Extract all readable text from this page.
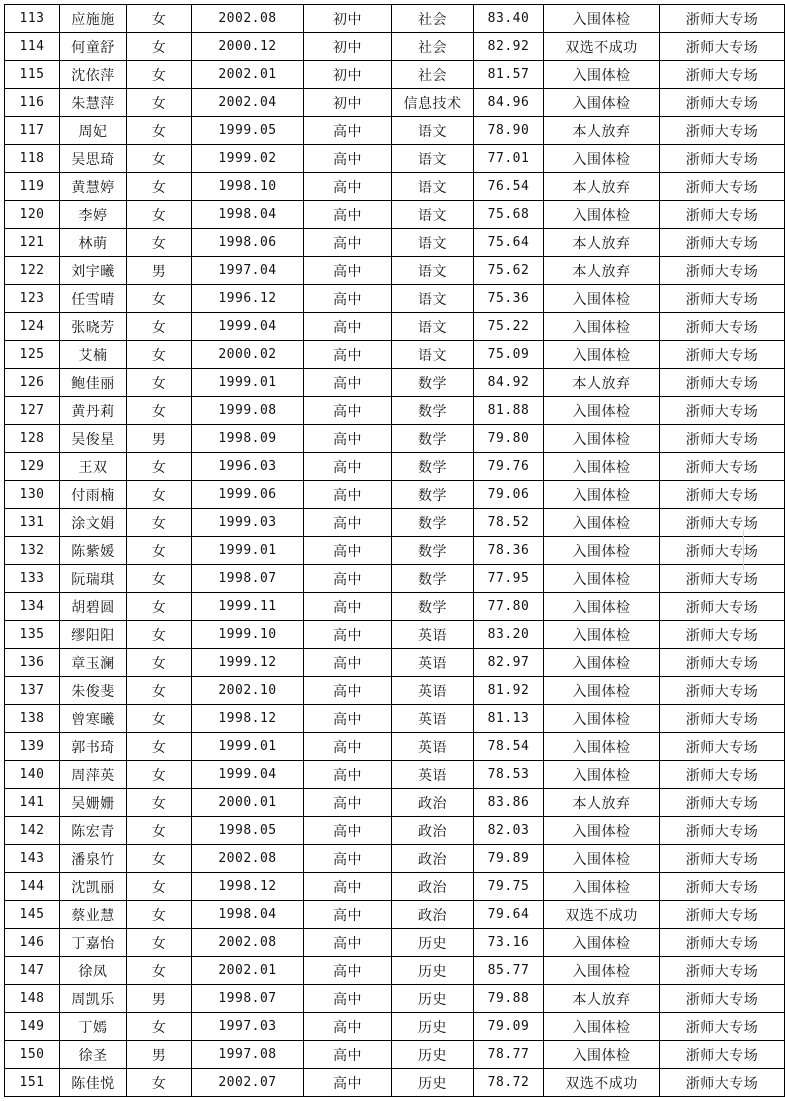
113	应施施	女	2002.08	初中	社会	83.40	入围体检	浙师大专场
114	何童舒	女	2000.12	初中	社会	82.92	双选不成功	浙师大专场
115	沈依萍	女	2002.01	初中	社会	81.57	入围体检	浙师大专场
116	朱慧萍	女	2002.04	初中	信息技术	84.96	入围体检	浙师大专场
117	周妃	女	1999.05	高中	语文	78.90	本人放弃	浙师大专场
118	吴思琦	女	1999.02	高中	语文	77.01	入围体检	浙师大专场
119	黄慧婷	女	1998.10	高中	语文	76.54	本人放弃	浙师大专场
120	李婷	女	1998.04	高中	语文	75.68	入围体检	浙师大专场
121	林萌	女	1998.06	高中	语文	75.64	本人放弃	浙师大专场
122	刘宇曦	男	1997.04	高中	语文	75.62	本人放弃	浙师大专场
123	任雪晴	女	1996.12	高中	语文	75.36	入围体检	浙师大专场
124	张晓芳	女	1999.04	高中	语文	75.22	入围体检	浙师大专场
125	艾楠	女	2000.02	高中	语文	75.09	入围体检	浙师大专场
126	鲍佳丽	女	1999.01	高中	数学	84.92	本人放弃	浙师大专场
127	黄丹莉	女	1999.08	高中	数学	81.88	入围体检	浙师大专场
128	吴俊星	男	1998.09	高中	数学	79.80	入围体检	浙师大专场
129	王双	女	1996.03	高中	数学	79.76	入围体检	浙师大专场
130	付雨楠	女	1999.06	高中	数学	79.06	入围体检	浙师大专场
131	涂文娟	女	1999.03	高中	数学	78.52	入围体检	浙师大专场
132	陈紫媛	女	1999.01	高中	数学	78.36	入围体检	浙师大专场
133	阮瑞琪	女	1998.07	高中	数学	77.95	入围体检	浙师大专场
134	胡碧圆	女	1999.11	高中	数学	77.80	入围体检	浙师大专场
135	缪阳阳	女	1999.10	高中	英语	83.20	入围体检	浙师大专场
136	章玉澜	女	1999.12	高中	英语	82.97	入围体检	浙师大专场
137	朱俊斐	女	2002.10	高中	英语	81.92	入围体检	浙师大专场
138	曾寒曦	女	1998.12	高中	英语	81.13	入围体检	浙师大专场
139	郭书琦	女	1999.01	高中	英语	78.54	入围体检	浙师大专场
140	周萍英	女	1999.04	高中	英语	78.53	入围体检	浙师大专场
141	吴姗姗	女	2000.01	高中	政治	83.86	本人放弃	浙师大专场
142	陈宏青	女	1998.05	高中	政治	82.03	入围体检	浙师大专场
143	潘泉竹	女	2002.08	高中	政治	79.89	入围体检	浙师大专场
144	沈凯丽	女	1998.12	高中	政治	79.75	入围体检	浙师大专场
145	蔡业慧	女	1998.04	高中	政治	79.64	双选不成功	浙师大专场
146	丁嘉怡	女	2002.08	高中	历史	73.16	入围体检	浙师大专场
147	徐凤	女	2002.01	高中	历史	85.77	入围体检	浙师大专场
148	周凯乐	男	1998.07	高中	历史	79.88	本人放弃	浙师大专场
149	丁嫣	女	1997.03	高中	历史	79.09	入围体检	浙师大专场
150	徐圣	男	1997.08	高中	历史	78.77	入围体检	浙师大专场
151	陈佳悦	女	2002.07	高中	历史	78.72	双选不成功	浙师大专场
